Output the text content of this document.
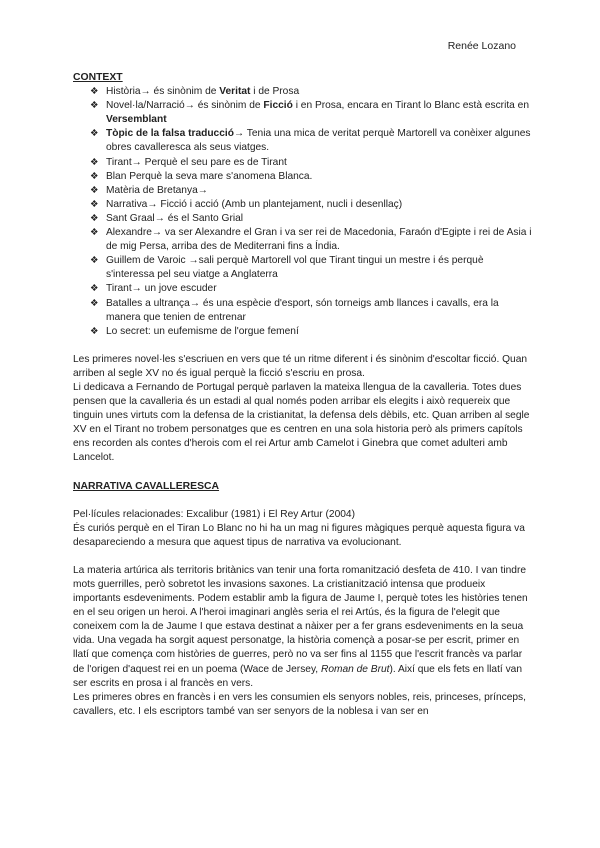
Renée Lozano

CONTEXT

❖ Història→ és sinònim de Veritat i de Prosa
❖ Novel·la/Narració→ és sinònim de Ficció i en Prosa, encara en Tirant lo Blanc està escrita en Versemblant
❖ Tòpic de la falsa traducció→ Tenia una mica de veritat perquè Martorell va conèixer algunes obres cavalleresca als seus viatges.
❖ Tirant→ Perquè el seu pare es de Tirant
❖ Blan Perquè la seva mare s'anomena Blanca.
❖ Matèria de Bretanya→
❖ Narrativa→ Ficció i acció (Amb un plantejament, nucli i desenllaç)
❖ Sant Graal→ és el Santo Grial
❖ Alexandre→ va ser Alexandre el Gran i va ser rei de Macedonia, Faraón d'Egipte i rei de Asia i de mig Persa, arriba des de Mediterrani fins a Índia.
❖ Guillem de Varoic →sali perquè Martorell vol que Tirant tingui un mestre i és perquè s'interessa pel seu viatge a Anglaterra
❖ Tirant→ un jove escuder
❖ Batalles a ultrança→ és una espècie d'esport, són torneigs amb llances i cavalls, era la manera que tenien de entrenar
❖ Lo secret: un eufemisme de l'orgue femení

Les primeres novel·les s'escriuen en vers que té un ritme diferent i és sinònim d'escoltar ficció. Quan arriben al segle XV no és igual perquè la ficció s'escriu en prosa.

Li dedicava a Fernando de Portugal perquè parlaven la mateixa llengua de la cavalleria. Totes dues pensen que la cavalleria és un estadi al qual només poden arribar els elegits i això requereix que tinguin unes virtuts com la defensa de la cristianitat, la defensa dels dèbils, etc. Quan arriben al segle XV en el Tirant no trobem personatges que es centren en una sola historia però als primers capítols ens recorden als contes d'herois com el rei Artur amb Camelot i Ginebra que comet adulteri amb Lancelot.

NARRATIVA CAVALLERESCA

Pel·lícules relacionades: Excalibur (1981) i El Rey Artur (2004)

És curiós perquè en el Tiran Lo Blanc no hi ha un mag ni figures màgiques perquè aquesta figura va desapareciendo a mesura que aquest tipus de narrativa va evolucionant.

La materia artúrica als territoris britànics van tenir una forta romanització desfeta de 410. I van tindre mots guerrilles, però sobretot les invasions saxones. La cristianització intensa que produeix importants esdeveniments. Podem establir amb la figura de Jaume I, perquè totes les històries tenen en el seu origen un heroi. A l'heroi imaginari anglès seria el rei Artús, és la figura de l'elegit que coneixem com la de Jaume I que estava destinat a nàixer per a fer grans esdeveniments en la seua vida. Una vegada ha sorgit aquest personatge, la història començà a posar-se per escrit, primer en llatí que comença com històries de guerres, però no va ser fins al 1155 que l'escrit francès va parlar de l'origen d'aquest rei en un poema (Wace de Jersey, Roman de Brut). Així que els fets en llatí van ser escrits en prosa i al francès en vers.

Les primeres obres en francès i en vers les consumien els senyors nobles, reis, princeses, prínceps, cavallers, etc. I els escriptors també van ser senyors de la noblesa i van ser en
